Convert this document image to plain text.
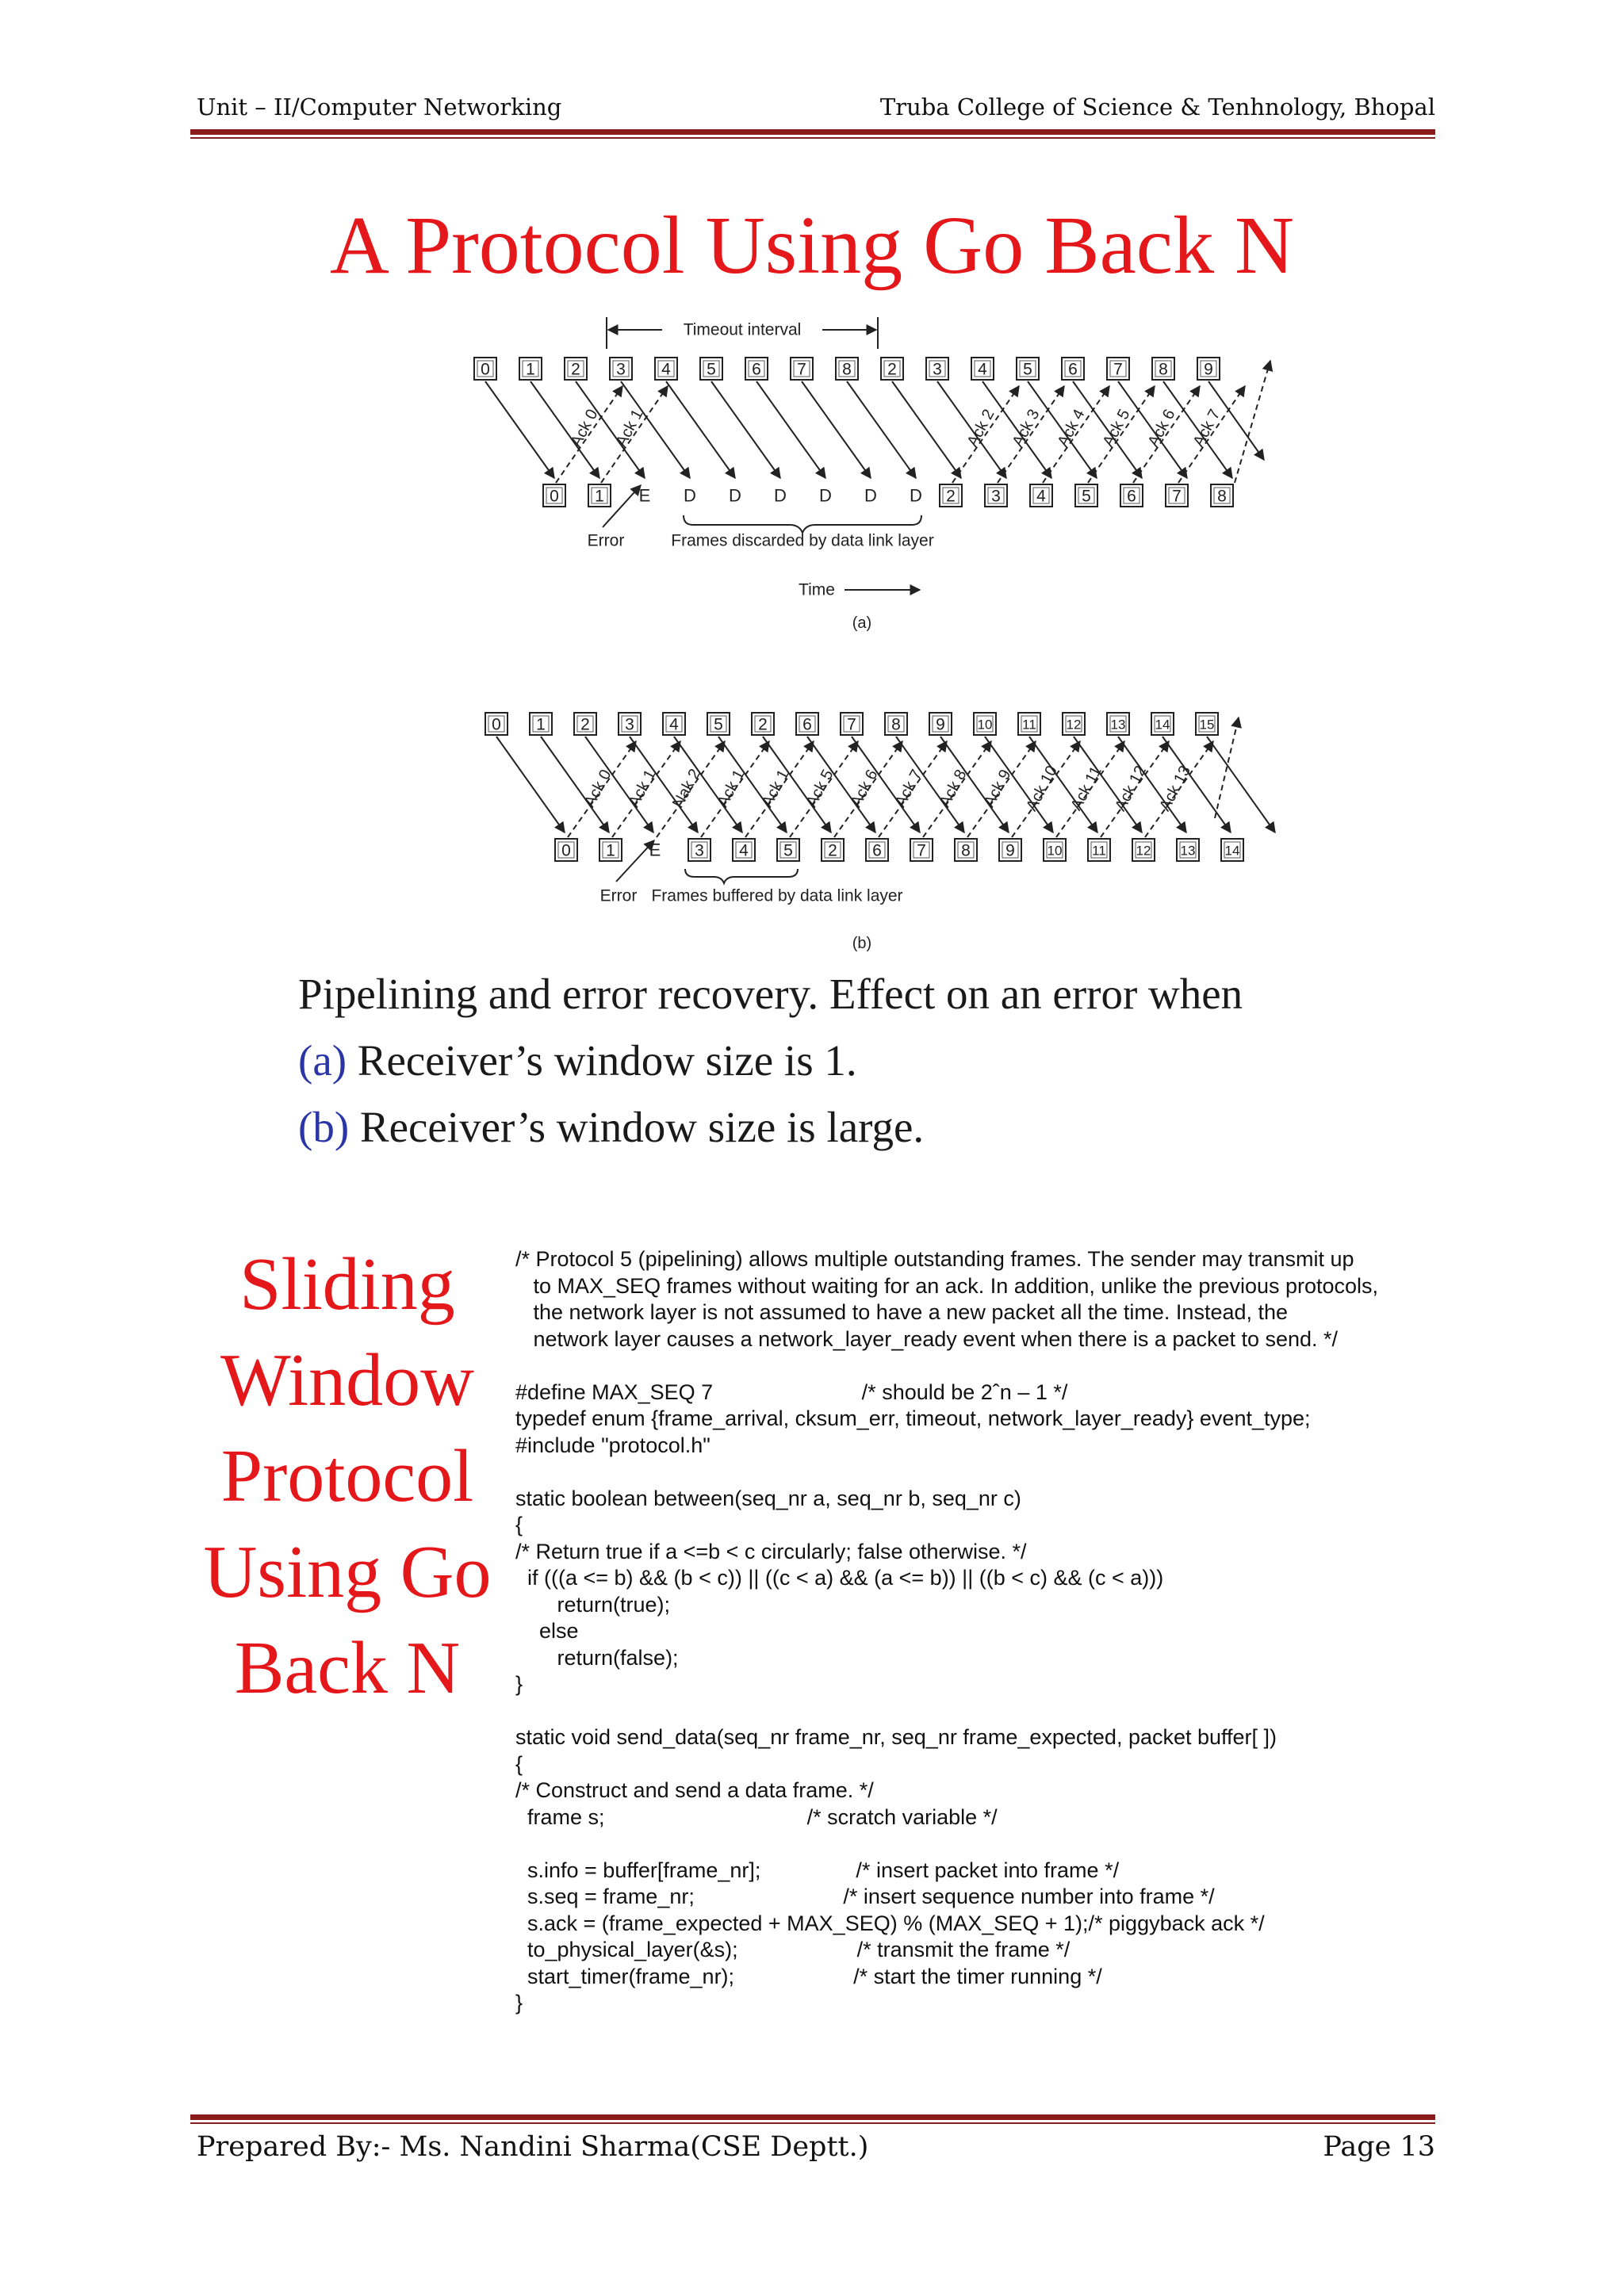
Unit – II/Computer Networking	Truba College of Science & Tenhnology, Bhopal
A Protocol Using Go Back N
0 1 2 3 4 5 6 7 8 2 3 4 5 6 7 8 9
0 1 E D D D D D D 2 3 4 5 6 7 8
Ack 0 Ack 1	Ack 2 Ack 3 Ack 4 Ack 5 Ack 6 Ack 7
Timeout interval
Error	Frames discarded by data link layer
Time
(a)
0 1 2 3 4 5 2 6 7 8 9 10 11 12 13 14 15
0 1 E 3 4 5 2 6 7 8 9 10 11 12 13 14
Ack 0 Ack 1 Nak 2 Ack 1 Ack 1 Ack 5 Ack 6 Ack 7 Ack 8 Ack 9 Ack 10 Ack 11 Ack 12 Ack 13
Error Frames buffered by data link layer
(b)
Pipelining and error recovery. Effect on an error when
(a) Receiver’s window size is 1.
(b) Receiver’s window size is large.
Sliding
Window
Protocol
Using Go
Back N
/* Protocol 5 (pipelining) allows multiple outstanding frames. The sender may transmit up
to MAX_SEQ frames without waiting for an ack. In addition, unlike the previous protocols,
the network layer is not assumed to have a new packet all the time. Instead, the
network layer causes a network_layer_ready event when there is a packet to send. */

#define MAX_SEQ 7                         /* should be 2ˆn – 1 */
typedef enum {frame_arrival, cksum_err, timeout, network_layer_ready} event_type;
#include "protocol.h"

static boolean between(seq_nr a, seq_nr b, seq_nr c)
{
/* Return true if a <=b < c circularly; false otherwise. */
if (((a <= b) && (b < c)) || ((c < a) && (a <= b)) || ((b < c) && (c < a)))
return(true);
else
return(false);
}

static void send_data(seq_nr frame_nr, seq_nr frame_expected, packet buffer[ ])
{
/* Construct and send a data frame. */
frame s;                                  /* scratch variable */

s.info = buffer[frame_nr];                /* insert packet into frame */
s.seq = frame_nr;                         /* insert sequence number into frame */
s.ack = (frame_expected + MAX_SEQ) % (MAX_SEQ + 1);/* piggyback ack */
to_physical_layer(&s);                    /* transmit the frame */
start_timer(frame_nr);                    /* start the timer running */
}
Prepared By:- Ms. Nandini Sharma(CSE Deptt.)	Page 13
